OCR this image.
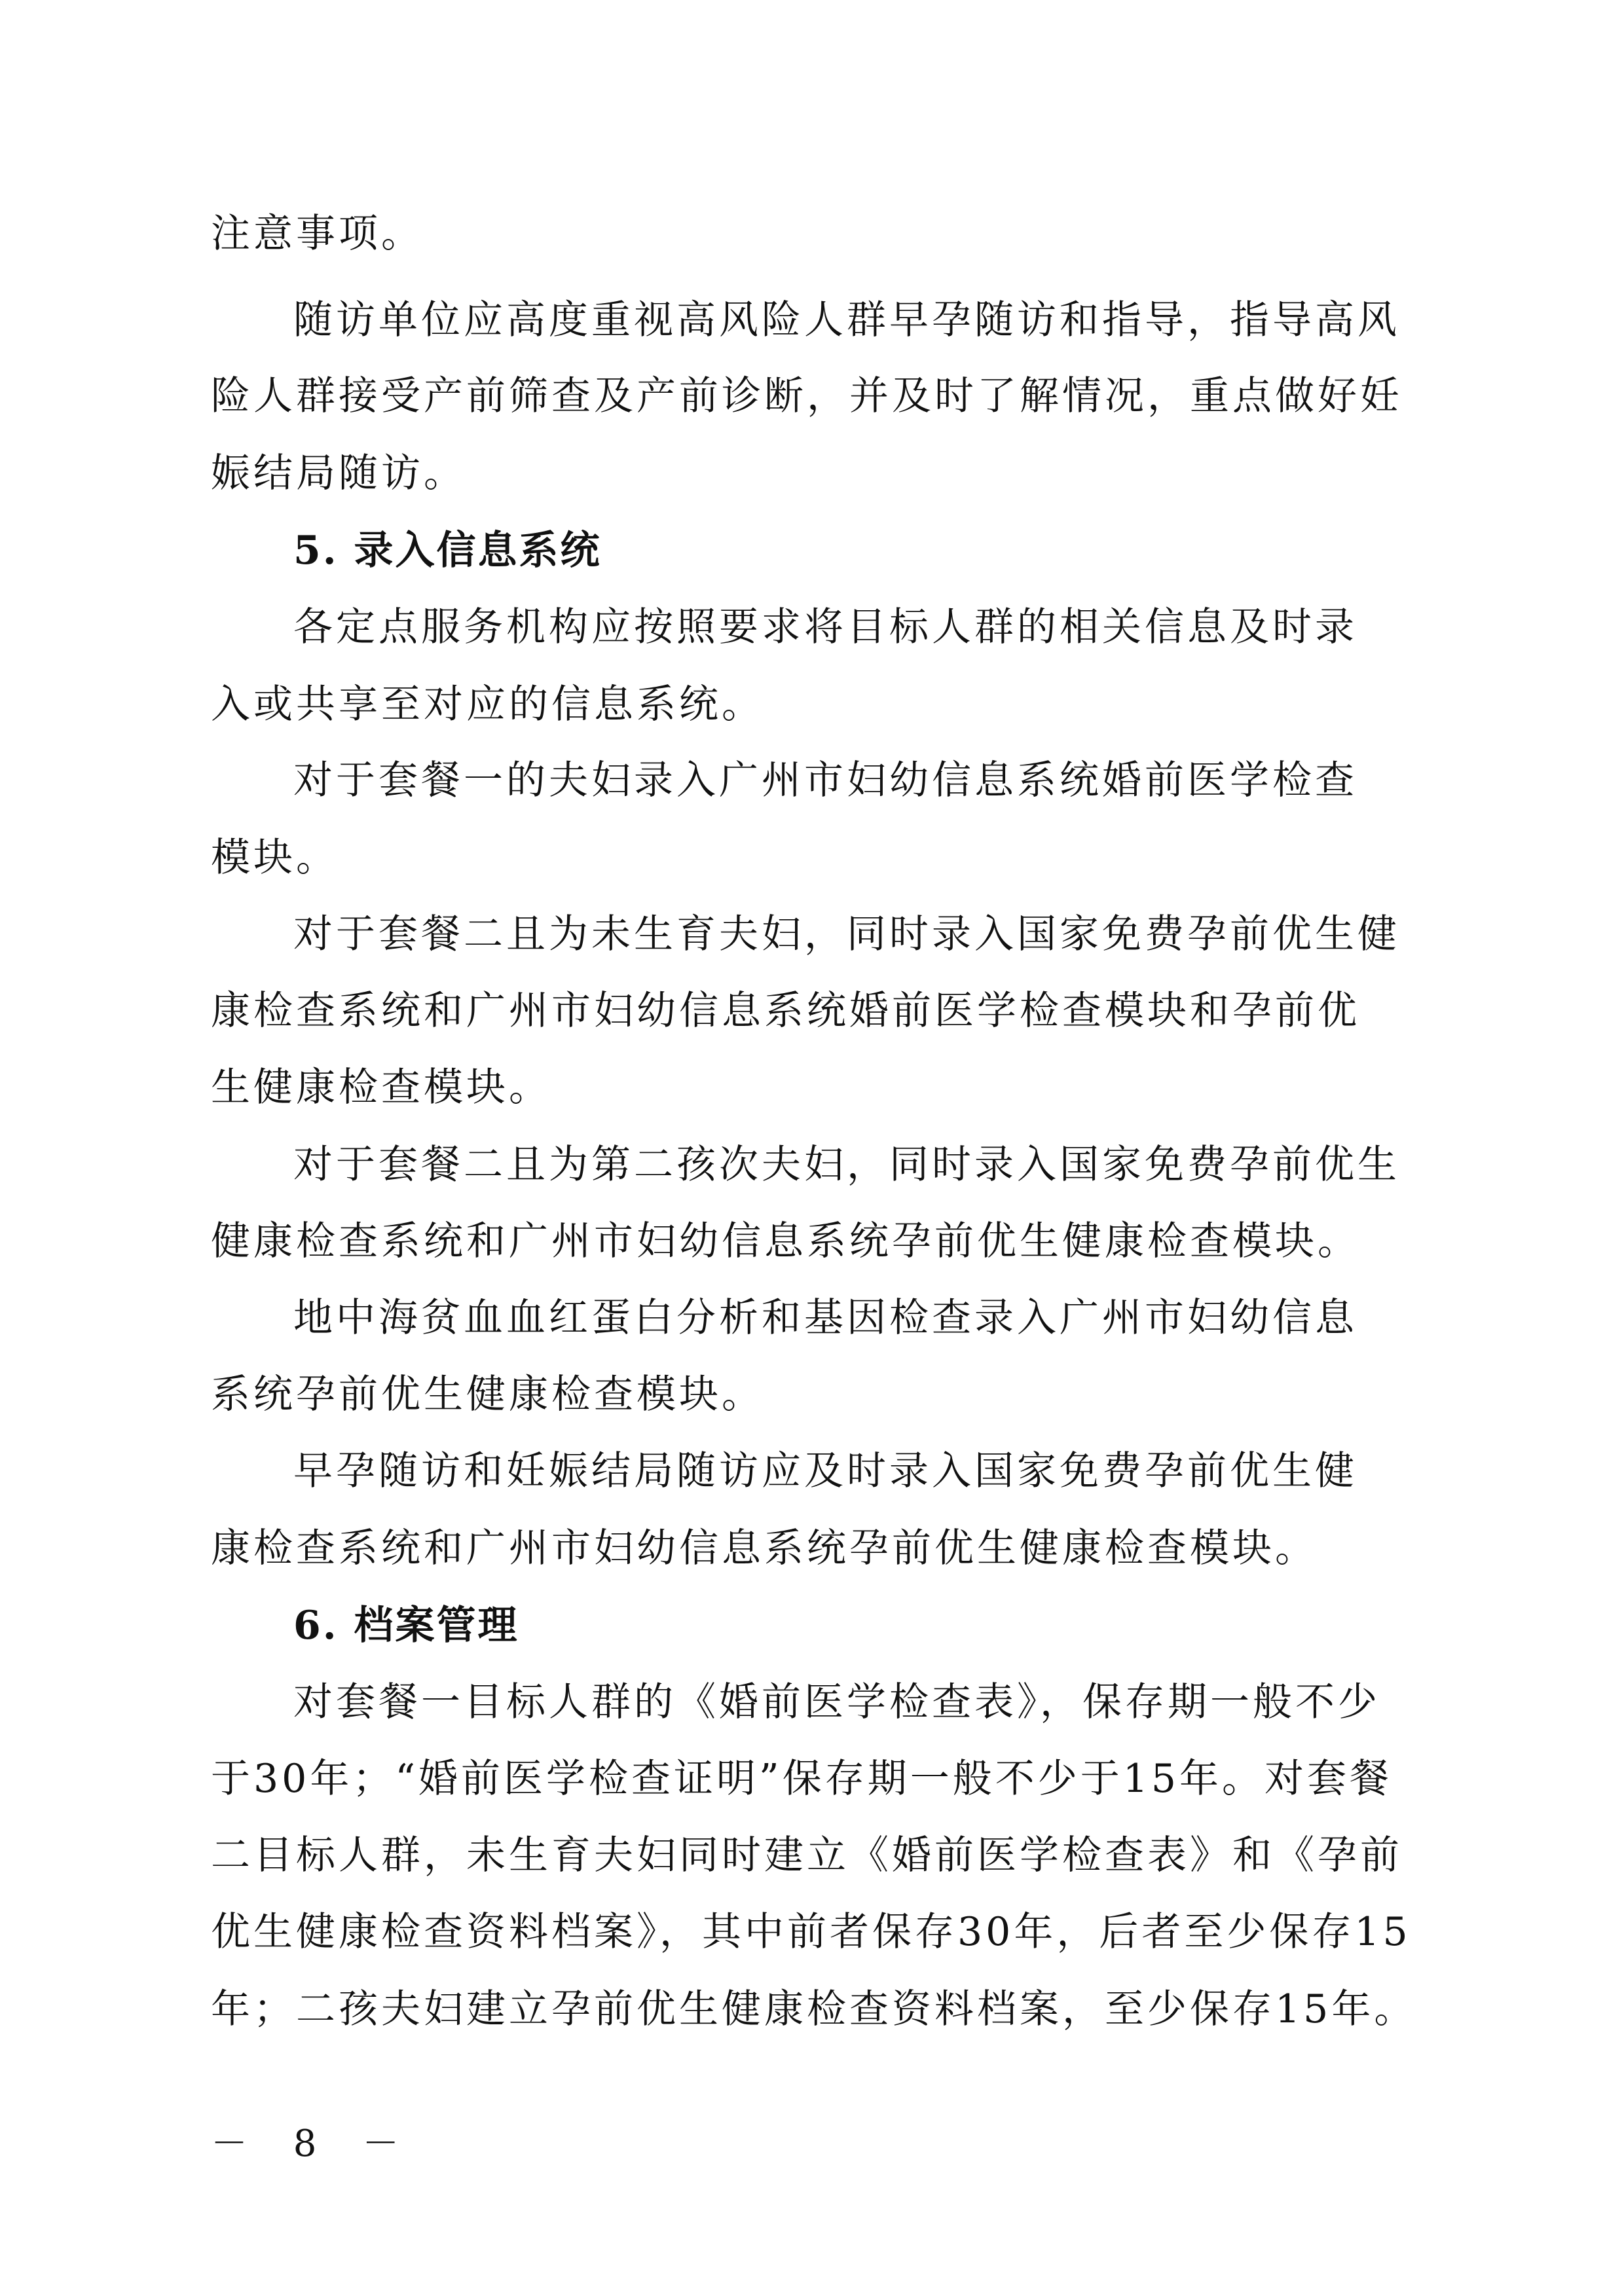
注意事项。
随访单位应高度重视高风险人群早孕随访和指导，指导高风
险人群接受产前筛查及产前诊断，并及时了解情况，重点做好妊
娠结局随访。
5. 录入信息系统
各定点服务机构应按照要求将目标人群的相关信息及时录
入或共享至对应的信息系统。
对于套餐一的夫妇录入广州市妇幼信息系统婚前医学检查
模块。
对于套餐二且为未生育夫妇，同时录入国家免费孕前优生健
康检查系统和广州市妇幼信息系统婚前医学检查模块和孕前优
生健康检查模块。
对于套餐二且为第二孩次夫妇，同时录入国家免费孕前优生
健康检查系统和广州市妇幼信息系统孕前优生健康检查模块。
地中海贫血血红蛋白分析和基因检查录入广州市妇幼信息
系统孕前优生健康检查模块。
早孕随访和妊娠结局随访应及时录入国家免费孕前优生健
康检查系统和广州市妇幼信息系统孕前优生健康检查模块。
6. 档案管理
对套餐一目标人群的《婚前医学检查表》，保存期一般不少
于30年；“婚前医学检查证明”保存期一般不少于15年。对套餐
二目标人群，未生育夫妇同时建立《婚前医学检查表》和《孕前
优生健康检查资料档案》，其中前者保存30年，后者至少保存15
年；二孩夫妇建立孕前优生健康检查资料档案，至少保存15年。
－ 8 －
